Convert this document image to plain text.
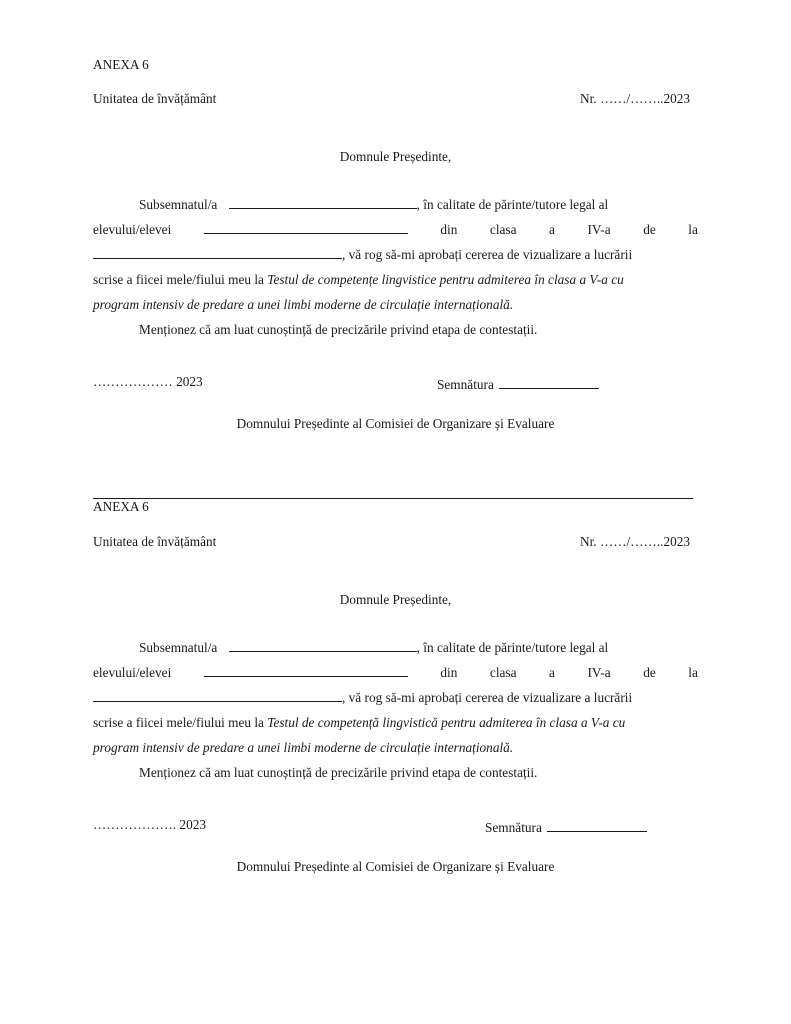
ANEXA 6
Unitatea de învățământ	Nr. ……/……..2023
Domnule Președinte,
Subsemnatul/a	, în calitate de părinte/tutore legal al
elevului/elevei	din clasa a IV-a de la
, vă rog să-mi aprobați cererea de vizualizare a lucrării
scrise a fiicei mele/fiului meu la Testul de competențe lingvistice pentru admiterea în clasa a V-a cu
program intensiv de predare a unei limbi moderne de circulație internațională.
Menționez că am luat cunoștință de precizările privind etapa de contestații.
……………… 2023	Semnătura
Domnului Președinte al Comisiei de Organizare și Evaluare
ANEXA 6
Unitatea de învățământ	Nr. ……/……..2023
Domnule Președinte,
Subsemnatul/a	, în calitate de părinte/tutore legal al
elevului/elevei	din clasa a IV-a de la
, vă rog să-mi aprobați cererea de vizualizare a lucrării
scrise a fiicei mele/fiului meu la Testul de competență lingvistică pentru admiterea în clasa a V-a cu
program intensiv de predare a unei limbi moderne de circulație internațională.
Menționez că am luat cunoștință de precizările privind etapa de contestații.
………………. 2023	Semnătura
Domnului Președinte al Comisiei de Organizare și Evaluare
